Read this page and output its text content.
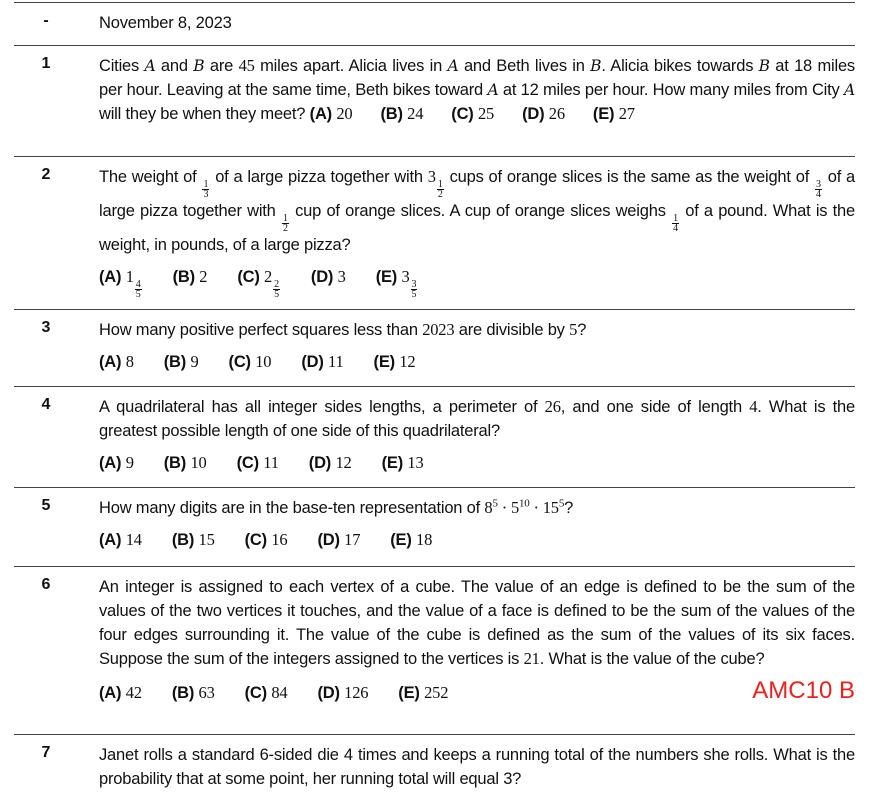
-	November 8, 2023
1	Cities A and B are 45 miles apart. Alicia lives in A and Beth lives in B. Alicia bikes towards B at 18 miles per hour. Leaving at the same time, Beth bikes toward A at 12 miles per hour. How many miles from City A will they be when they meet? (A) 20 (B) 24 (C) 25 (D) 26 (E) 27
2	The weight of
$\frac{1}{3}$
of a large pizza together with 3
$\frac{1}{2}$
cups of orange slices is the same as the weight of
$\frac{3}{4}$
of a large pizza together with
$\frac{1}{2}$
cup of orange slices. A cup of orange slices weighs
$\frac{1}{4}$
of a pound. What is the weight, in pounds, of a large pizza?
(A) 1
$\frac{4}{5}$
(B) 2 (C) 2
$\frac{2}{5}$
(D) 3 (E) 3
$\frac{3}{5}$
3	How many positive perfect squares less than 2023 are divisible by 5?
(A) 8 (B) 9 (C) 10 (D) 11 (E) 12
4	A quadrilateral has all integer sides lengths, a perimeter of 26, and one side of length 4. What is the greatest possible length of one side of this quadrilateral?
(A) 9 (B) 10 (C) 11 (D) 12 (E) 13
5	How many digits are in the base-ten representation of $8^5 \cdot 5^{10} \cdot 15^5$?
(A) 14 (B) 15 (C) 16 (D) 17 (E) 18
6	An integer is assigned to each vertex of a cube. The value of an edge is defined to be the sum of the values of the two vertices it touches, and the value of a face is defined to be the sum of the values of the four edges surrounding it. The value of the cube is defined as the sum of the values of its six faces. Suppose the sum of the integers assigned to the vertices is 21. What is the value of the cube?
(A) 42 (B) 63 (C) 84 (D) 126 (E) 252	AMC10 B
7	Janet rolls a standard 6-sided die 4 times and keeps a running total of the numbers she rolls. What is the probability that at some point, her running total will equal 3?
